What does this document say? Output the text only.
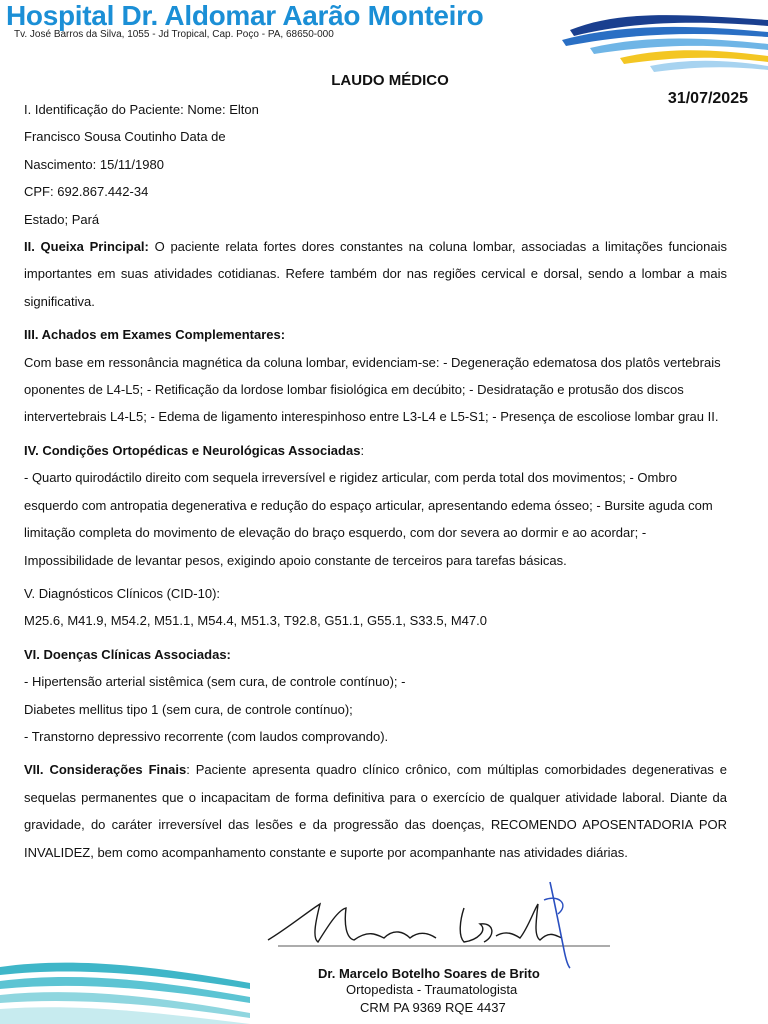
Hospital Dr. Aldomar Aarão Monteiro
Tv. José Barros da Silva, 1055 - Jd Tropical, Cap. Poço - PA, 68650-000
LAUDO MÉDICO
31/07/2025

I. Identificação do Paciente: Nome: Elton

Francisco Sousa Coutinho Data de

Nascimento: 15/11/1980

CPF: 692.867.442-34

Estado; Pará

II. Queixa Principal: O paciente relata fortes dores constantes na coluna lombar, associadas a limitações funcionais importantes em suas atividades cotidianas. Refere também dor nas regiões cervical e dorsal, sendo a lombar a mais significativa.

III. Achados em Exames Complementares:

Com base em ressonância magnética da coluna lombar, evidenciam-se: - Degeneração edematosa dos platôs vertebrais oponentes de L4-L5; - Retificação da lordose lombar fisiológica em decúbito; - Desidratação e protusão dos discos intervertebrais L4-L5; - Edema de ligamento interespinhoso entre L3-L4 e L5-S1; - Presença de escoliose lombar grau II.

IV. Condições Ortopédicas e Neurológicas Associadas:

- Quarto quirodáctilo direito com sequela irreversível e rigidez articular, com perda total dos movimentos; - Ombro esquerdo com antropatia degenerativa e redução do espaço articular, apresentando edema ósseo; - Bursite aguda com limitação completa do movimento de elevação do braço esquerdo, com dor severa ao dormir e ao acordar; - Impossibilidade de levantar pesos, exigindo apoio constante de terceiros para tarefas básicas.

V. Diagnósticos Clínicos (CID-10):

M25.6, M41.9, M54.2, M51.1, M54.4, M51.3, T92.8, G51.1, G55.1, S33.5, M47.0

VI. Doenças Clínicas Associadas:

- Hipertensão arterial sistêmica (sem cura, de controle contínuo); -

Diabetes mellitus tipo 1 (sem cura, de controle contínuo);

- Transtorno depressivo recorrente (com laudos comprovando).

VII. Considerações Finais: Paciente apresenta quadro clínico crônico, com múltiplas comorbidades degenerativas e sequelas permanentes que o incapacitam de forma definitiva para o exercício de qualquer atividade laboral. Diante da gravidade, do caráter irreversível das lesões e da progressão das doenças, RECOMENDO APOSENTADORIA POR INVALIDEZ, bem como acompanhamento constante e suporte por acompanhante nas atividades diárias.

Dr. Marcelo Botelho Soares de Brito
Ortopedista - Traumatologista
CRM PA 9369 RQE 4437
